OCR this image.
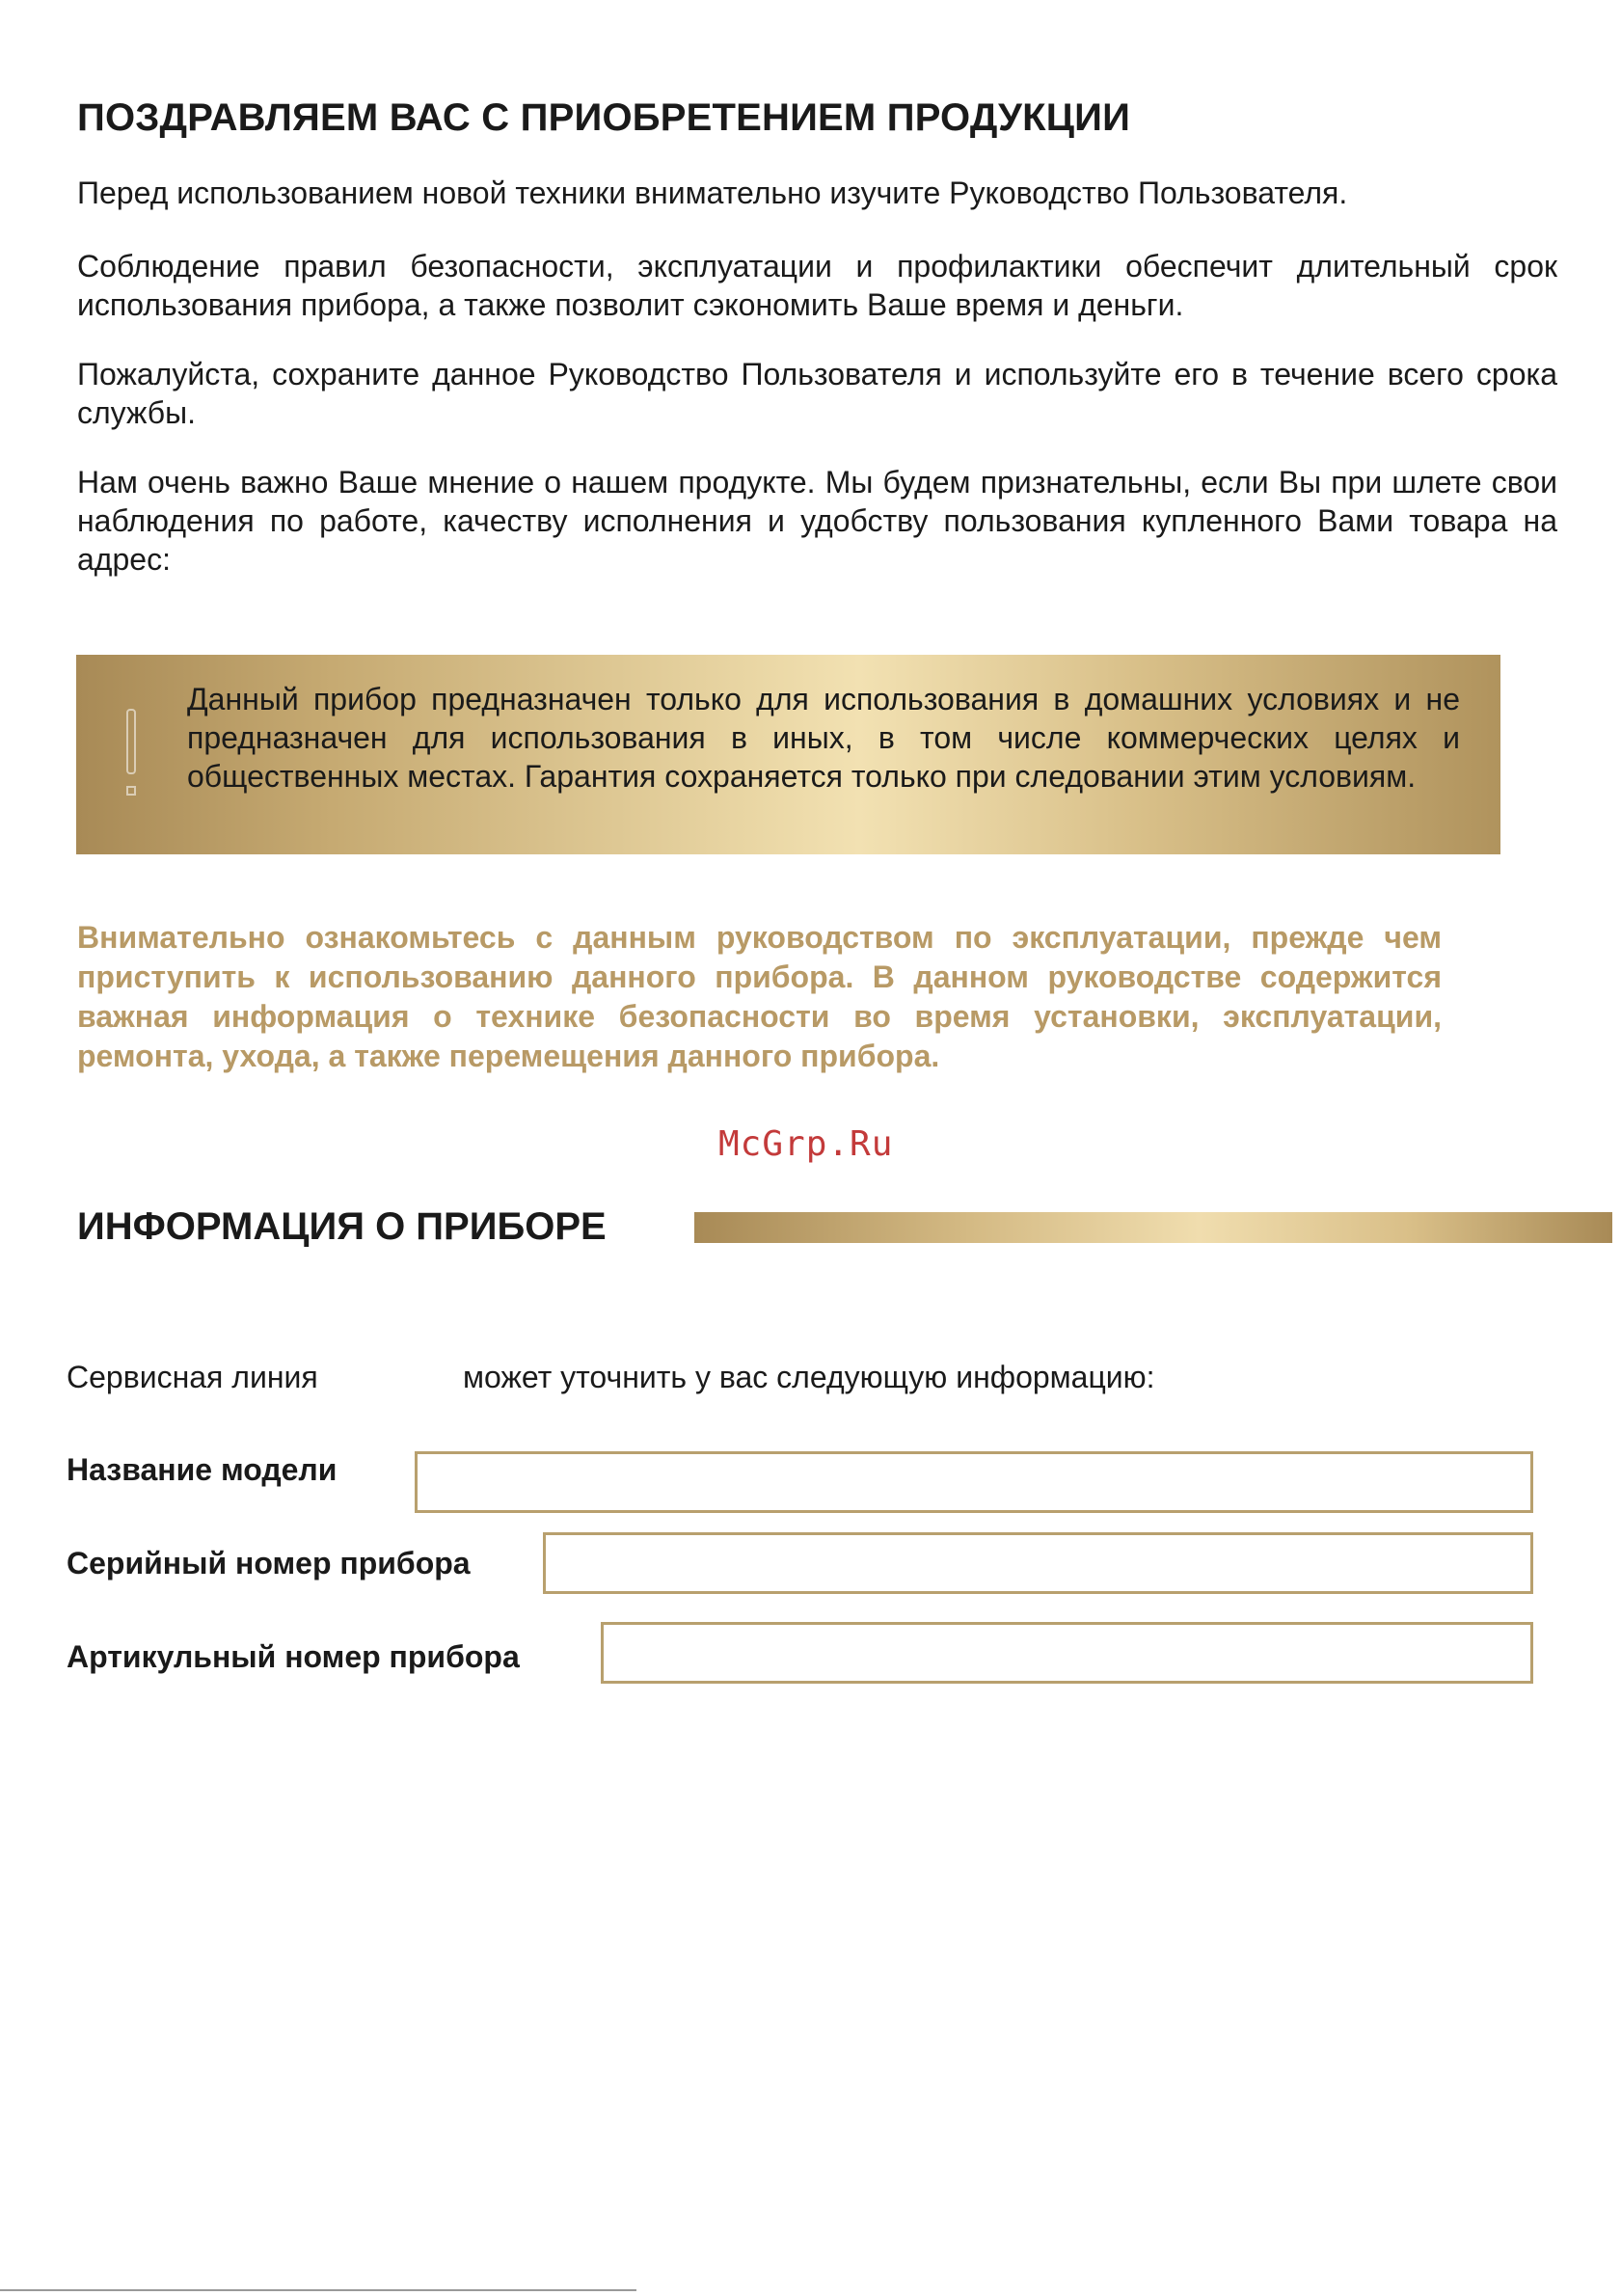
ПОЗДРАВЛЯЕМ ВАС С ПРИОБРЕТЕНИЕМ ПРОДУКЦИИ

Перед использованием новой техники внимательно изучите Руководство Пользователя.

Соблюдение правил безопасности, эксплуатации и профилактики обеспечит длительный срок использования прибора, а также позволит сэкономить Ваше время и деньги.

Пожалуйста, сохраните данное Руководство Пользователя и используйте его в течение всего срока службы.

Нам очень важно Ваше мнение о нашем продукте. Мы будем признательны, если Вы при шлете свои наблюдения по работе, качеству исполнения и удобству пользования купленного Вами товара на адрес:

Данный прибор предназначен только для использования в домашних условиях и не предназначен для использования в иных, в том числе коммерческих целях и общественных местах. Гарантия сохраняется только при следовании этим условиям.

Внимательно ознакомьтесь с данным руководством по эксплуатации, прежде чем приступить к использованию данного прибора. В данном руководстве содержится важная информация о технике безопасности во время установки, эксплуатации, ремонта, ухода, а также перемещения данного прибора.

McGrp.Ru

ИНФОРМАЦИЯ О ПРИБОРЕ
Сервисная линия	может уточнить у вас следующую информацию:
Название модели
Серийный номер прибора
Артикульный номер прибора
